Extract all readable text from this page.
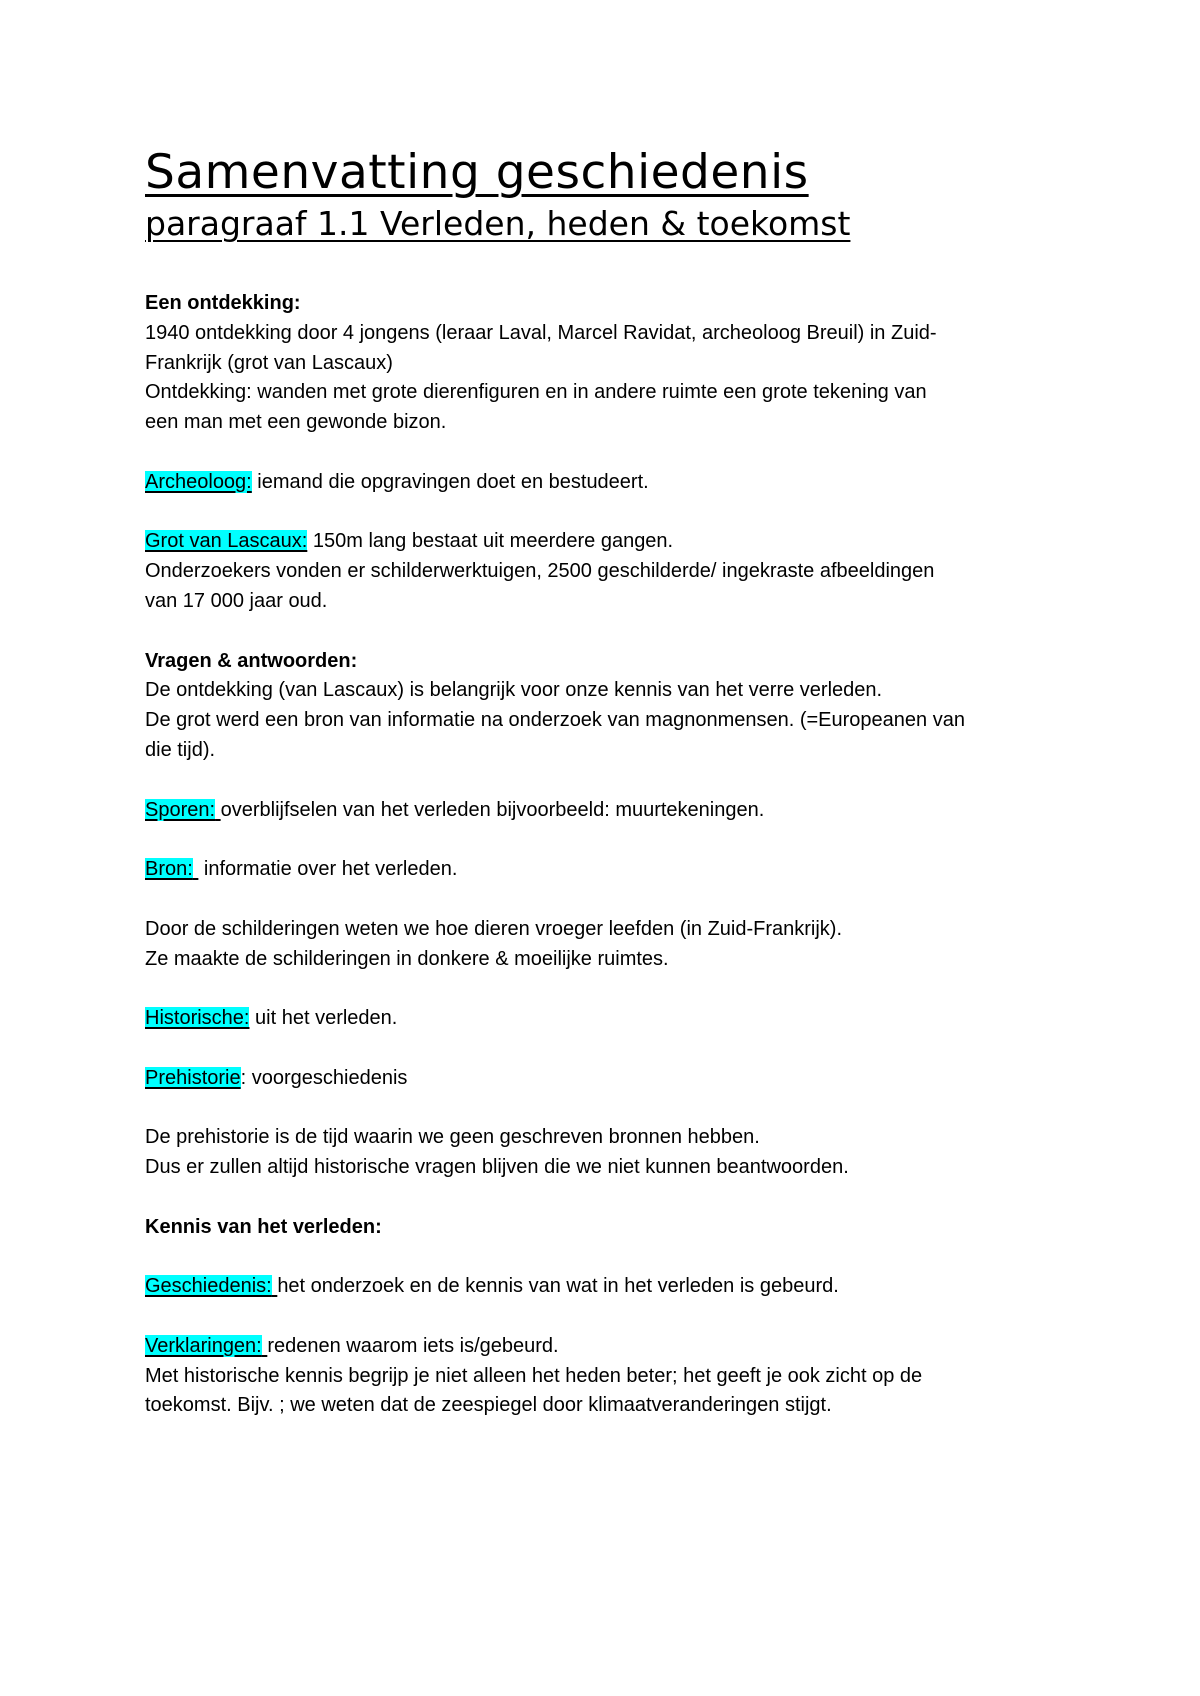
Samenvatting geschiedenis
paragraaf 1.1 Verleden, heden & toekomst

Een ontdekking:

1940 ontdekking door 4 jongens (leraar Laval, Marcel Ravidat, archeoloog Breuil) in Zuid-

Frankrijk (grot van Lascaux)

Ontdekking: wanden met grote dierenfiguren en in andere ruimte een grote tekening van

een man met een gewonde bizon.

Archeoloog: iemand die opgravingen doet en bestudeert.

Grot van Lascaux: 150m lang bestaat uit meerdere gangen.

Onderzoekers vonden er schilderwerktuigen, 2500 geschilderde/ ingekraste afbeeldingen

van 17 000 jaar oud.

Vragen & antwoorden:

De ontdekking (van Lascaux) is belangrijk voor onze kennis van het verre verleden.

De grot werd een bron van informatie na onderzoek van magnonmensen. (=Europeanen van

die tijd).

Sporen: overblijfselen van het verleden bijvoorbeeld: muurtekeningen.

Bron:  informatie over het verleden.

Door de schilderingen weten we hoe dieren vroeger leefden (in Zuid-Frankrijk).

Ze maakte de schilderingen in donkere & moeilijke ruimtes.

Historische: uit het verleden.

Prehistorie: voorgeschiedenis

De prehistorie is de tijd waarin we geen geschreven bronnen hebben.

Dus er zullen altijd historische vragen blijven die we niet kunnen beantwoorden.

Kennis van het verleden:

Geschiedenis: het onderzoek en de kennis van wat in het verleden is gebeurd.

Verklaringen: redenen waarom iets is/gebeurd.

Met historische kennis begrijp je niet alleen het heden beter; het geeft je ook zicht op de

toekomst. Bijv. ; we weten dat de zeespiegel door klimaatveranderingen stijgt.
